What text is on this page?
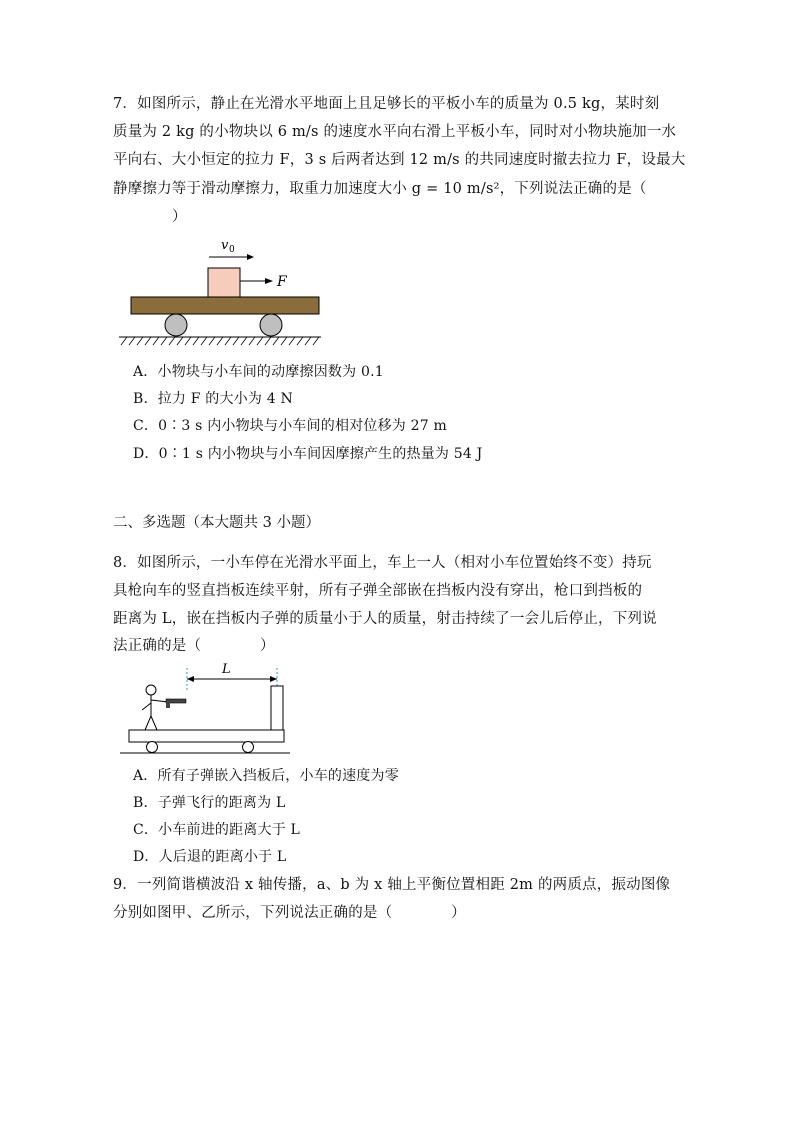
7．如图所示，静止在光滑水平地面上且足够长的平板小车的质量为 0.5 kg，某时刻
质量为 2 kg 的小物块以 6 m/s 的速度水平向右滑上平板小车，同时对小物块施加一水
平向右、大小恒定的拉力 F，3 s 后两者达到 12 m/s 的共同速度时撤去拉力 F，设最大
静摩擦力等于滑动摩擦力，取重力加速度大小 g = 10 m/s²，下列说法正确的是（
）
v 0
F
A．小物块与小车间的动摩擦因数为 0.1
B．拉力 F 的大小为 4 N
C．0∶3 s 内小物块与小车间的相对位移为 27 m
D．0∶1 s 内小物块与小车间因摩擦产生的热量为 54 J
二、多选题（本大题共 3 小题）
8．如图所示，一小车停在光滑水平面上，车上一人（相对小车位置始终不变）持玩
具枪向车的竖直挡板连续平射，所有子弹全部嵌在挡板内没有穿出，枪口到挡板的
距离为 L，嵌在挡板内子弹的质量小于人的质量，射击持续了一会儿后停止，下列说
法正确的是（　　　　）
L
A．所有子弹嵌入挡板后，小车的速度为零
B．子弹飞行的距离为 L
C．小车前进的距离大于 L
D．人后退的距离小于 L
9．一列简谐横波沿 x 轴传播，a、b 为 x 轴上平衡位置相距 2m 的两质点，振动图像
分别如图甲、乙所示，下列说法正确的是（　　　　）
